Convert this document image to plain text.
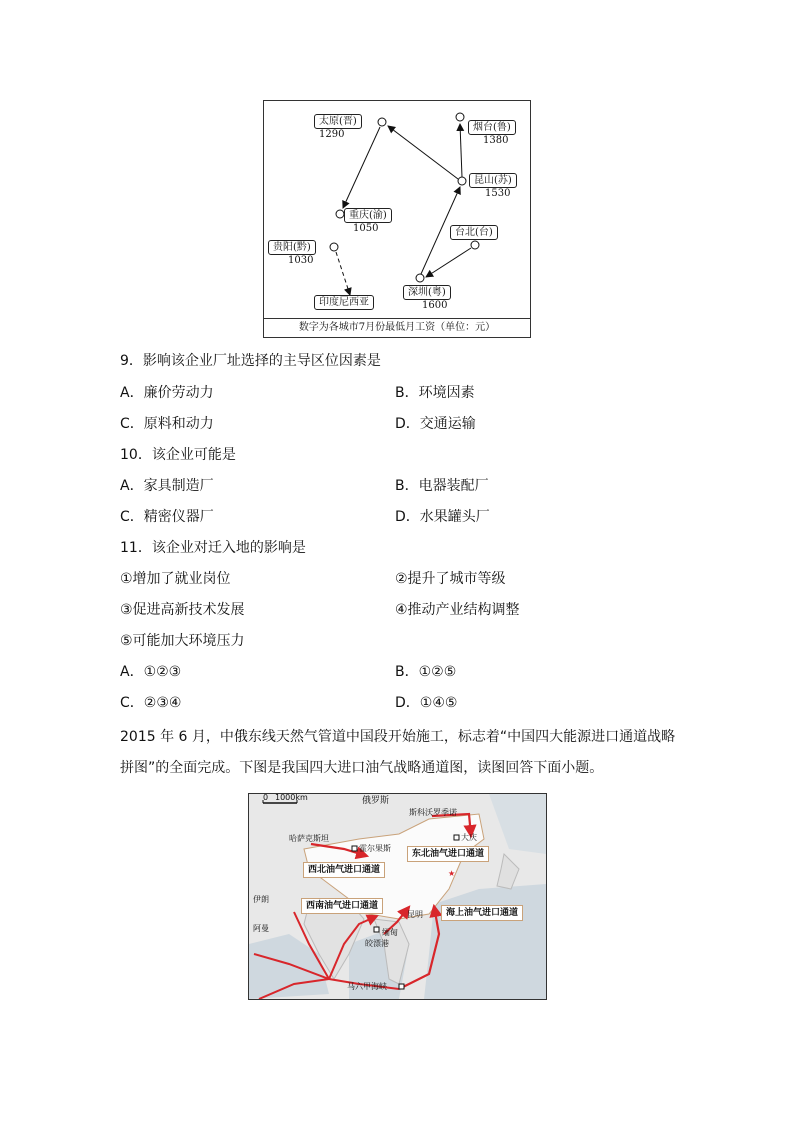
太原(晋)
1290
烟台(鲁)
1380
昆山(苏)
1530
重庆(渝)
1050	台北(台)
贵阳(黔)
1030
深圳(粤)
1600
印度尼西亚
数字为各城市7月份最低月工资（单位：元）
9．影响该企业厂址选择的主导区位因素是
A．廉价劳动力	B．环境因素
C．原料和动力	D．交通运输
10．该企业可能是
A．家具制造厂	B．电器装配厂
C．精密仪器厂	D．水果罐头厂
11．该企业对迁入地的影响是
①增加了就业岗位	②提升了城市等级
③促进高新技术发展	④推动产业结构调整
⑤可能加大环境压力
A．①②③	B．①②⑤
C．②③④	D．①④⑤
2015 年 6 月，中俄东线天然气管道中国段开始施工，标志着“中国四大能源进口通道战略
拼图”的全面完成。下图是我国四大进口油气战略通道图，读图回答下面小题。
★
0 1000km	俄罗斯
斯科沃罗季诺
哈萨克斯坦
霍尔果斯
大庆
伊朗
阿曼
昆明
缅甸
皎漂港
马六甲海峡
东北油气进口通道
西北油气进口通道
西南油气进口通道
海上油气进口通道
